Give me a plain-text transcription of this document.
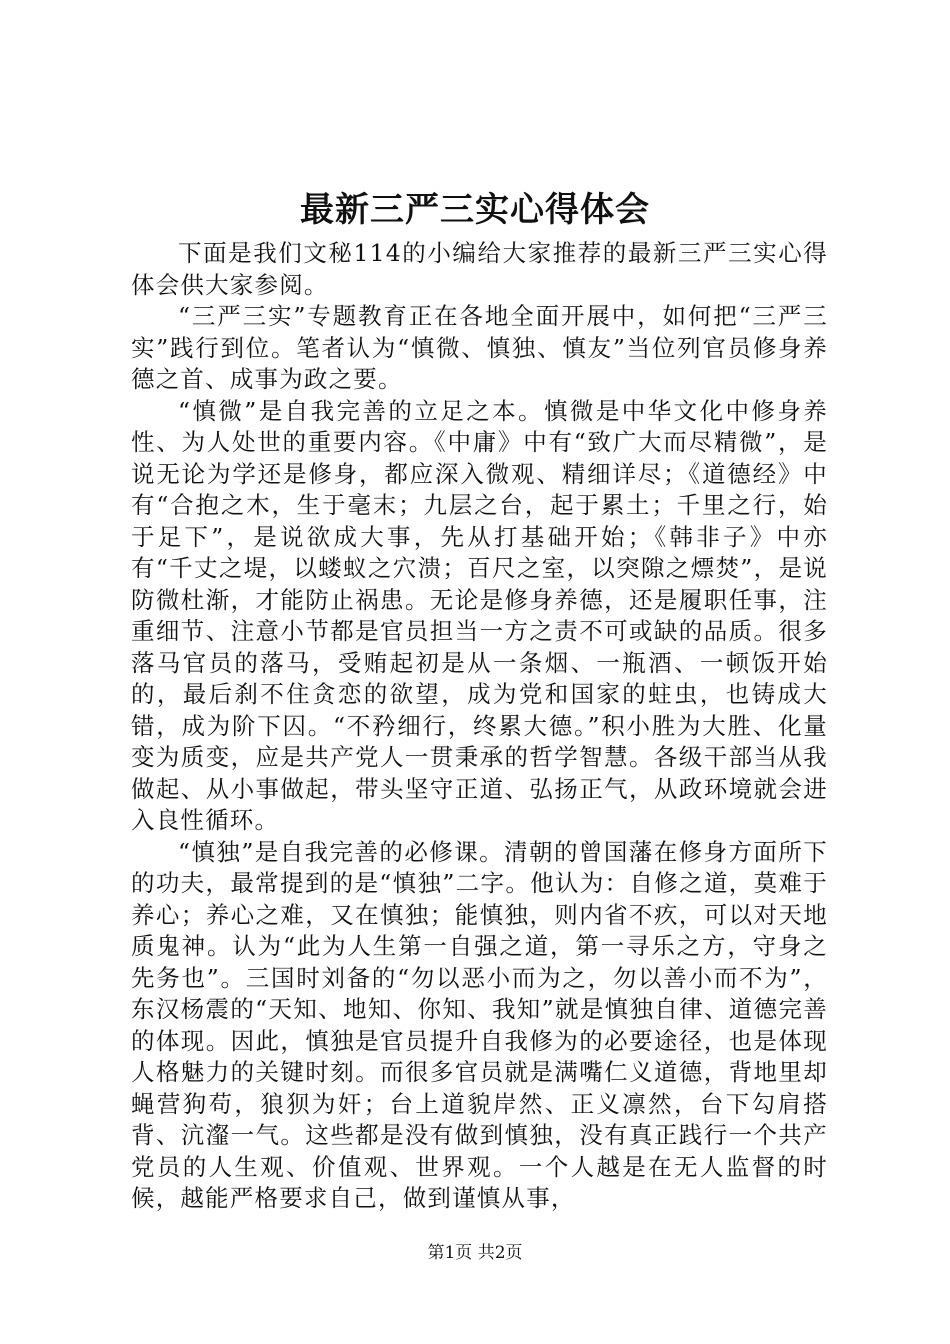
最新三严三实心得体会

下面是我们文秘114的小编给大家推荐的最新三严三实心得体会供大家参阅。

“三严三实”专题教育正在各地全面开展中，如何把“三严三实”践行到位。笔者认为“慎微、慎独、慎友”当位列官员修身养德之首、成事为政之要。

“慎微”是自我完善的立足之本。慎微是中华文化中修身养性、为人处世的重要内容。《中庸》中有“致广大而尽精微”，是说无论为学还是修身，都应深入微观、精细详尽；《道德经》中有“合抱之木，生于毫末；九层之台，起于累土；千里之行，始于足下”，是说欲成大事，先从打基础开始；《韩非子》中亦有“千丈之堤，以蝼蚁之穴溃；百尺之室，以突隙之熛焚”，是说防微杜渐，才能防止祸患。无论是修身养德，还是履职任事，注重细节、注意小节都是官员担当一方之责不可或缺的品质。很多落马官员的落马，受贿起初是从一条烟、一瓶酒、一顿饭开始的，最后刹不住贪恋的欲望，成为党和国家的蛀虫，也铸成大错，成为阶下囚。“不矜细行，终累大德。”积小胜为大胜、化量变为质变，应是共产党人一贯秉承的哲学智慧。各级干部当从我做起、从小事做起，带头坚守正道、弘扬正气，从政环境就会进入良性循环。

“慎独”是自我完善的必修课。清朝的曾国藩在修身方面所下的功夫，最常提到的是“慎独”二字。他认为：自修之道，莫难于养心；养心之难，又在慎独；能慎独，则内省不疚，可以对天地质鬼神。认为“此为人生第一自强之道，第一寻乐之方，守身之先务也”。三国时刘备的“勿以恶小而为之，勿以善小而不为”，东汉杨震的“天知、地知、你知、我知”就是慎独自律、道德完善的体现。因此，慎独是官员提升自我修为的必要途径，也是体现人格魅力的关键时刻。而很多官员就是满嘴仁义道德，背地里却蝇营狗苟，狼狈为奸；台上道貌岸然、正义凛然，台下勾肩搭背、沆瀣一气。这些都是没有做到慎独，没有真正践行一个共产党员的人生观、价值观、世界观。一个人越是在无人监督的时候，越能严格要求自己，做到谨慎从事，

第1页 共2页
